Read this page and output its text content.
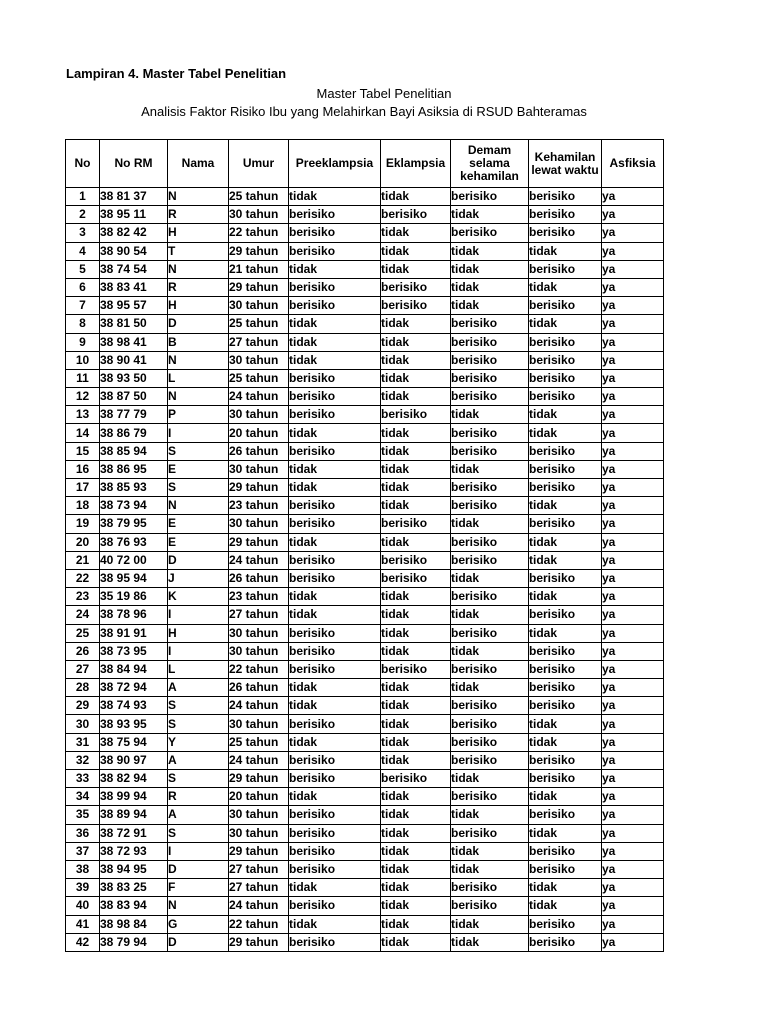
Lampiran 4. Master Tabel Penelitian
Master Tabel Penelitian
Analisis Faktor Risiko Ibu yang Melahirkan Bayi Asiksia di RSUD Bahteramas
No	No RM	Nama	Umur	Preeklampsia	Eklampsia	Demam selama kehamilan	Kehamilan lewat waktu	Asfiksia
1	38 81 37	N	25 tahun	tidak	tidak	berisiko	berisiko	ya
2	38 95 11	R	30 tahun	berisiko	berisiko	tidak	berisiko	ya
3	38 82 42	H	22 tahun	berisiko	tidak	berisiko	berisiko	ya
4	38 90 54	T	29 tahun	berisiko	tidak	tidak	tidak	ya
5	38 74 54	N	21 tahun	tidak	tidak	tidak	berisiko	ya
6	38 83 41	R	29 tahun	berisiko	berisiko	tidak	tidak	ya
7	38 95 57	H	30 tahun	berisiko	berisiko	tidak	berisiko	ya
8	38 81 50	D	25 tahun	tidak	tidak	berisiko	tidak	ya
9	38 98 41	B	27 tahun	tidak	tidak	berisiko	berisiko	ya
10	38 90 41	N	30 tahun	tidak	tidak	berisiko	berisiko	ya
11	38 93 50	L	25 tahun	berisiko	tidak	berisiko	berisiko	ya
12	38 87 50	N	24 tahun	berisiko	tidak	berisiko	berisiko	ya
13	38 77 79	P	30 tahun	berisiko	berisiko	tidak	tidak	ya
14	38 86 79	I	20 tahun	tidak	tidak	berisiko	tidak	ya
15	38 85 94	S	26 tahun	berisiko	tidak	berisiko	berisiko	ya
16	38 86 95	E	30 tahun	tidak	tidak	tidak	berisiko	ya
17	38 85 93	S	29 tahun	tidak	tidak	berisiko	berisiko	ya
18	38 73 94	N	23 tahun	berisiko	tidak	berisiko	tidak	ya
19	38 79 95	E	30 tahun	berisiko	berisiko	tidak	berisiko	ya
20	38 76 93	E	29 tahun	tidak	tidak	berisiko	tidak	ya
21	40 72 00	D	24 tahun	berisiko	berisiko	berisiko	tidak	ya
22	38 95 94	J	26 tahun	berisiko	berisiko	tidak	berisiko	ya
23	35 19 86	K	23 tahun	tidak	tidak	berisiko	tidak	ya
24	38 78 96	I	27 tahun	tidak	tidak	tidak	berisiko	ya
25	38 91 91	H	30 tahun	berisiko	tidak	berisiko	tidak	ya
26	38 73 95	I	30 tahun	berisiko	tidak	tidak	berisiko	ya
27	38 84 94	L	22 tahun	berisiko	berisiko	berisiko	berisiko	ya
28	38 72 94	A	26 tahun	tidak	tidak	tidak	berisiko	ya
29	38 74 93	S	24 tahun	tidak	tidak	berisiko	berisiko	ya
30	38 93 95	S	30 tahun	berisiko	tidak	berisiko	tidak	ya
31	38 75 94	Y	25 tahun	tidak	tidak	berisiko	tidak	ya
32	38 90 97	A	24 tahun	berisiko	tidak	berisiko	berisiko	ya
33	38 82 94	S	29 tahun	berisiko	berisiko	tidak	berisiko	ya
34	38 99 94	R	20 tahun	tidak	tidak	berisiko	tidak	ya
35	38 89 94	A	30 tahun	berisiko	tidak	tidak	berisiko	ya
36	38 72 91	S	30 tahun	berisiko	tidak	berisiko	tidak	ya
37	38 72 93	I	29 tahun	berisiko	tidak	tidak	berisiko	ya
38	38 94 95	D	27 tahun	berisiko	tidak	tidak	berisiko	ya
39	38 83 25	F	27 tahun	tidak	tidak	berisiko	tidak	ya
40	38 83 94	N	24 tahun	berisiko	tidak	berisiko	tidak	ya
41	38 98 84	G	22 tahun	tidak	tidak	tidak	berisiko	ya
42	38 79 94	D	29 tahun	berisiko	tidak	tidak	berisiko	ya
